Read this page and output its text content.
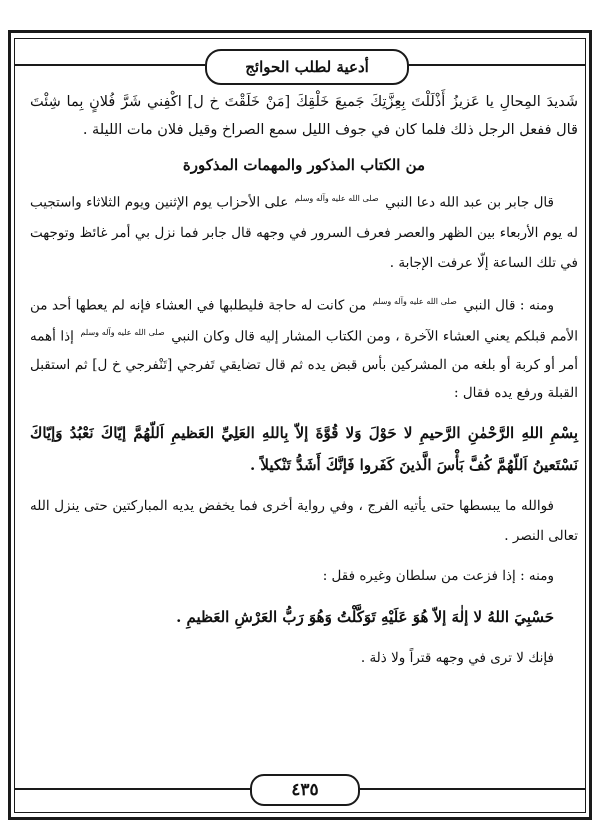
أدعية لطلب الحوائج

شَديدَ المِحالِ يا عَزيزُ أَذْلَلْتَ بِعِزَّتِكَ جَميعَ خَلْقِكَ [مَنْ خَلَقْتَ خ ل] اكْفِني شَرَّ فُلانٍ بِما شِئْتَ قال ففعل الرجل ذلك فلما كان في جوف الليل سمع الصراخ وقيل فلان مات الليلة .

من الكتاب المذكور والمهمات المذكورة

قال جابر بن عبد الله دعا النبي $^{صلى الله عليه وآله وسلم}$ على الأحزاب يوم الإثنين ويوم الثلاثاء واستجيب له يوم الأربعاء بين الظهر والعصر فعرف السرور في وجهه قال جابر فما نزل بي أمر غائظ وتوجهت في تلك الساعة إلّا عرفت الإجابة .

ومنه : قال النبي $^{صلى الله عليه وآله وسلم}$ من كانت له حاجة فليطلبها في العشاء فإنه لم يعطها أحد من الأمم قبلكم يعني العشاء الآخرة ، ومن الكتاب المشار إليه قال وكان النبي $^{صلى الله عليه وآله وسلم}$ إذا أهمه أمر أو كربة أو بلغه من المشركين بأس قبض يده ثم قال تضايقي تَفرجي [تَنْفرجي خ ل] ثم استقبل القبلة ورفع يده فقال :

بِسْمِ اللهِ الرَّحْمٰنِ الرَّحيمِ لا حَوْلَ وَلا قُوَّةَ إلاّ بِاللهِ العَلِيِّ العَظيمِ اَللّهُمَّ إيّاكَ نَعْبُدُ وَإيّاكَ نَسْتَعينُ اَللّهُمَّ كُفَّ بَأْسَ الَّذينَ كَفَروا فَإنَّكَ أَشَدُّ تَنْكيلاً .

فوالله ما يبسطها حتى يأتيه الفرج ، وفي رواية أخرى فما يخفض يديه المباركتين حتى ينزل الله تعالى النصر .

ومنه : إذا فزعت من سلطان وغيره فقل :

حَسْبِيَ اللهُ لا إلٰهَ إلاّ هُوَ عَلَيْهِ تَوَكَّلْتُ وَهُوَ رَبُّ العَرْشِ العَظيمِ .

فإنك لا ترى في وجهه قتراً ولا ذلة .

٤٣٥
